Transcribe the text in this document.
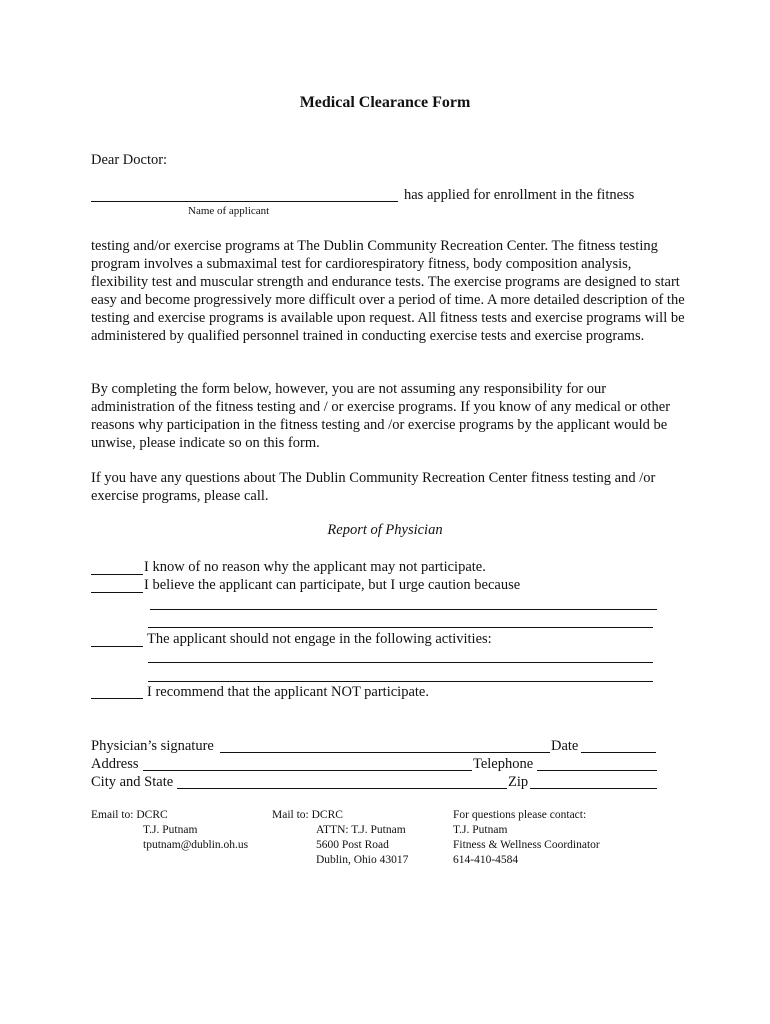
Medical Clearance Form
Dear Doctor:
has applied for enrollment in the fitness
Name of applicant
testing and/or exercise programs at The Dublin Community Recreation Center. The fitness testing program involves a submaximal test for cardiorespiratory fitness, body composition analysis, flexibility test and muscular strength and endurance tests. The exercise programs are designed to start easy and become progressively more difficult over a period of time. A more detailed description of the testing and exercise programs is available upon request. All fitness tests and exercise programs will be administered by qualified personnel trained in conducting exercise tests and exercise programs.
By completing the form below, however, you are not assuming any responsibility for our administration of the fitness testing and / or exercise programs. If you know of any medical or other reasons why participation in the fitness testing and /or exercise programs by the applicant would be unwise, please indicate so on this form.
If you have any questions about The Dublin Community Recreation Center fitness testing and /or exercise programs, please call.
Report of Physician
I know of no reason why the applicant may not participate.
I believe the applicant can participate, but I urge caution because
The applicant should not engage in the following activities:
I recommend that the applicant NOT participate.
Physician’s signature	Date
Address	Telephone
City and State	Zip
Email to: DCRC
T.J. Putnam
tputnam@dublin.oh.us
Mail to: DCRC
ATTN: T.J. Putnam
5600 Post Road
Dublin, Ohio 43017
For questions please contact:
T.J. Putnam
Fitness & Wellness Coordinator
614-410-4584
